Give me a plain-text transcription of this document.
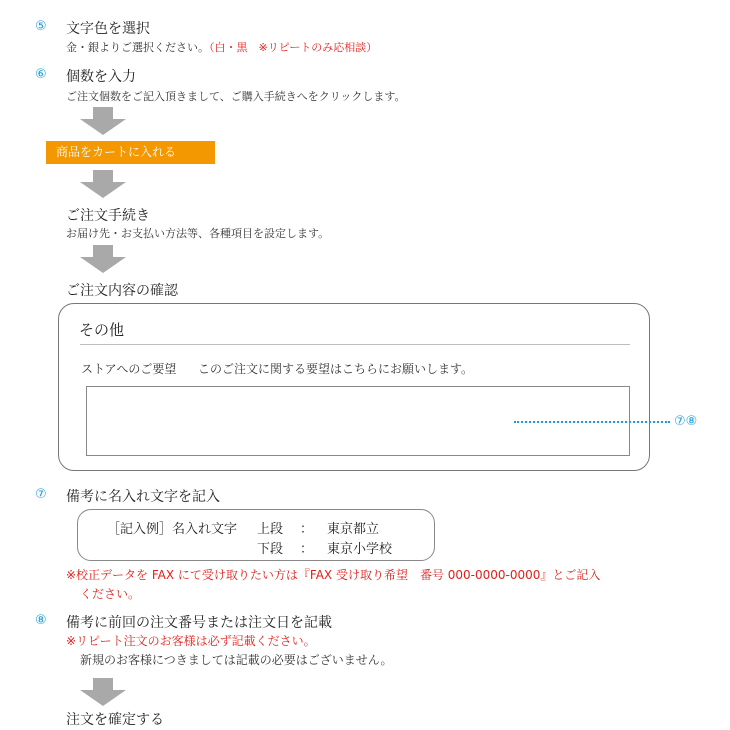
⑤ 文字色を選択
金・銀よりご選択ください。（白・黒　※リピートのみ応相談）
⑥ 個数を入力
ご注文個数をご記入頂きまして、ご購入手続きへをクリックします。
商品をカートに入れる
ご注文手続き
お届け先・お支払い方法等、各種項目を設定します。
ご注文内容の確認
その他
ストアへのご要望 このご注文に関する要望はこちらにお願いします。
⑦⑧
⑦ 備考に名入れ文字を記入
［記入例］名入れ文字 上段 ： 東京都立
下段 ： 東京小学校
※校正データを FAX にて受け取りたい方は『FAX 受け取り希望　番号 000-0000-0000』とご記入
ください。
⑧ 備考に前回の注文番号または注文日を記載
※リピート注文のお客様は必ず記載ください。
新規のお客様につきましては記載の必要はございません。
注文を確定する
